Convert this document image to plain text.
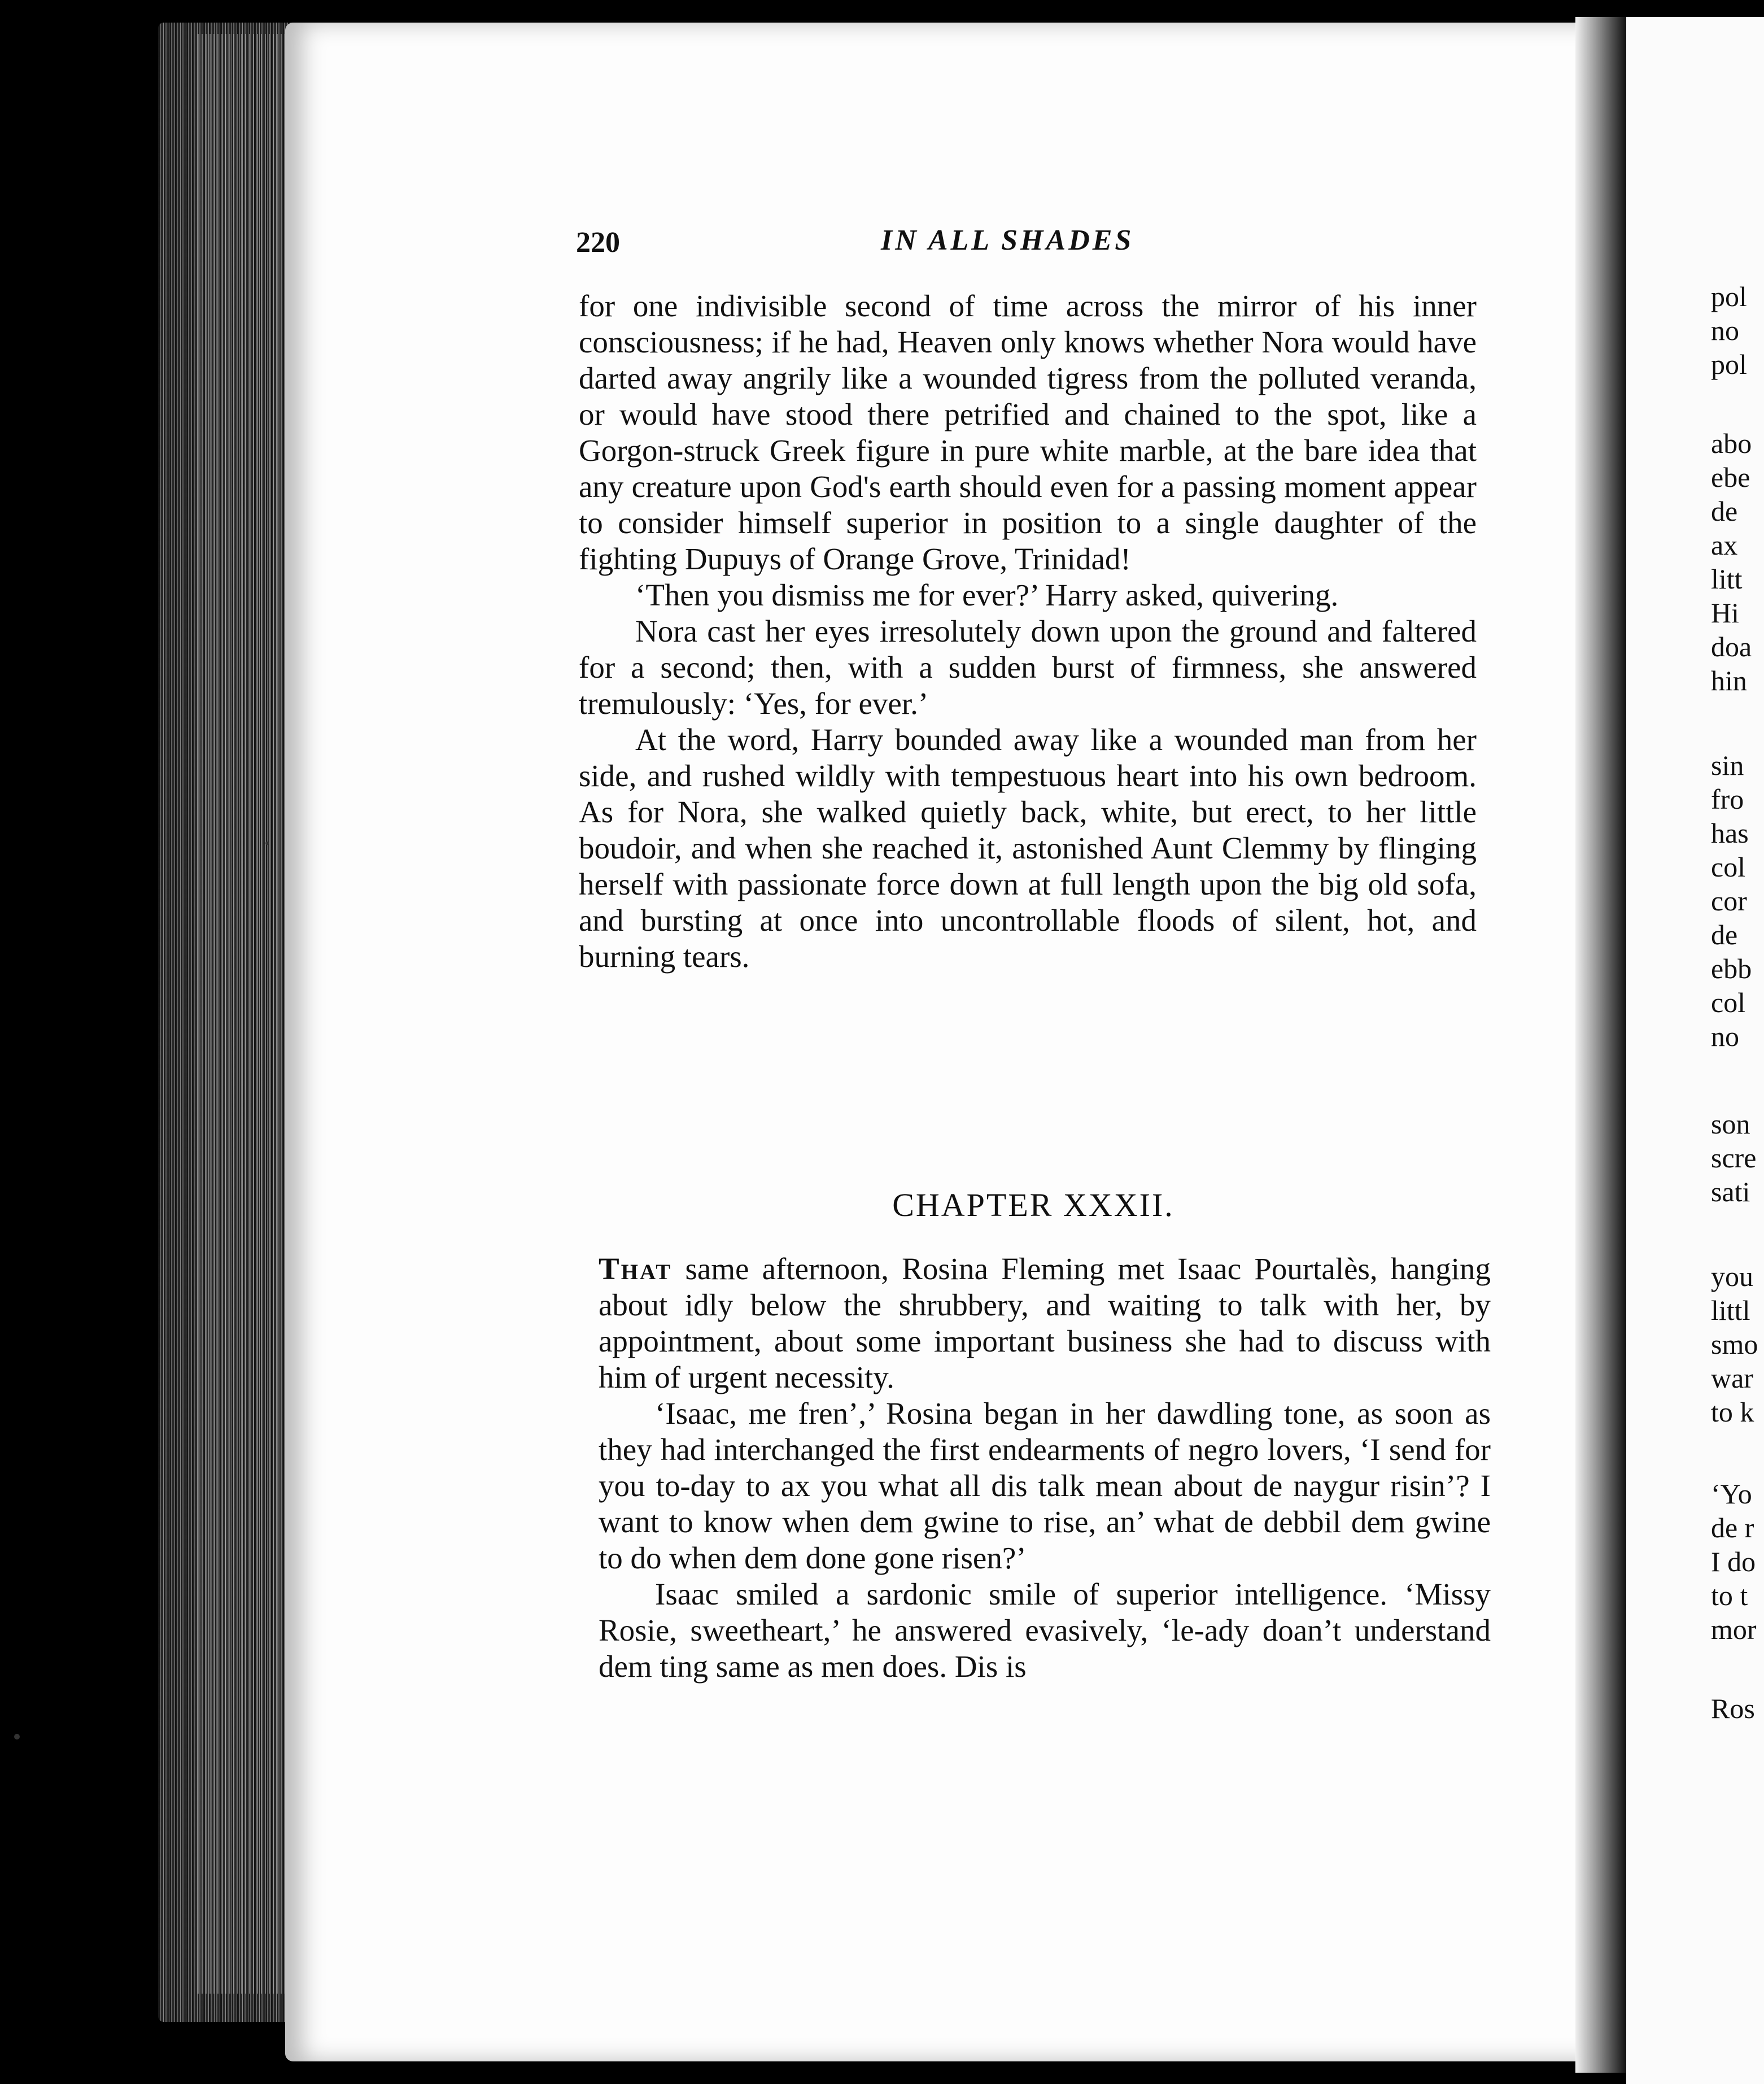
pol
no
pol
abo
ebe
de
ax
litt
Hi
doa
hin
sin
fro
has
col
cor
de
ebb
col
no
son
scre
sati
you
littl
smo
war
to k
‘Yo
de r
I do
to t
mor
Ros
220	IN ALL SHADES

for one indivisible second of time across the mirror of his inner consciousness; if he had, Heaven only knows whether Nora would have darted away angrily like a wounded tigress from the polluted veranda, or would have stood there petrified and chained to the spot, like a Gorgon-struck Greek figure in pure white marble, at the bare idea that any creature upon God's earth should even for a passing moment appear to consider himself superior in position to a single daughter of the fighting Dupuys of Orange Grove, Trinidad!

‘Then you dismiss me for ever?’ Harry asked, quivering.

Nora cast her eyes irresolutely down upon the ground and faltered for a second; then, with a sudden burst of firmness, she answered tremulously: ‘Yes, for ever.’

At the word, Harry bounded away like a wounded man from her side, and rushed wildly with tempestuous heart into his own bedroom. As for Nora, she walked quietly back, white, but erect, to her little boudoir, and when she reached it, astonished Aunt Clemmy by flinging herself with passionate force down at full length upon the big old sofa, and bursting at once into uncontrollable floods of silent, hot, and burning tears.

CHAPTER XXXII.

That same afternoon, Rosina Fleming met Isaac Pourtalès, hanging about idly below the shrubbery, and waiting to talk with her, by appointment, about some important business she had to discuss with him of urgent necessity.

‘Isaac, me fren’,’ Rosina began in her dawdling tone, as soon as they had interchanged the first endearments of negro lovers, ‘I send for you to-day to ax you what all dis talk mean about de naygur risin’? I want to know when dem gwine to rise, an’ what de debbil dem gwine to do when dem done gone risen?’

Isaac smiled a sardonic smile of superior intelligence. ‘Missy Rosie, sweetheart,’ he answered evasively, ‘le-ady doan’t understand dem ting same as men does. Dis is
